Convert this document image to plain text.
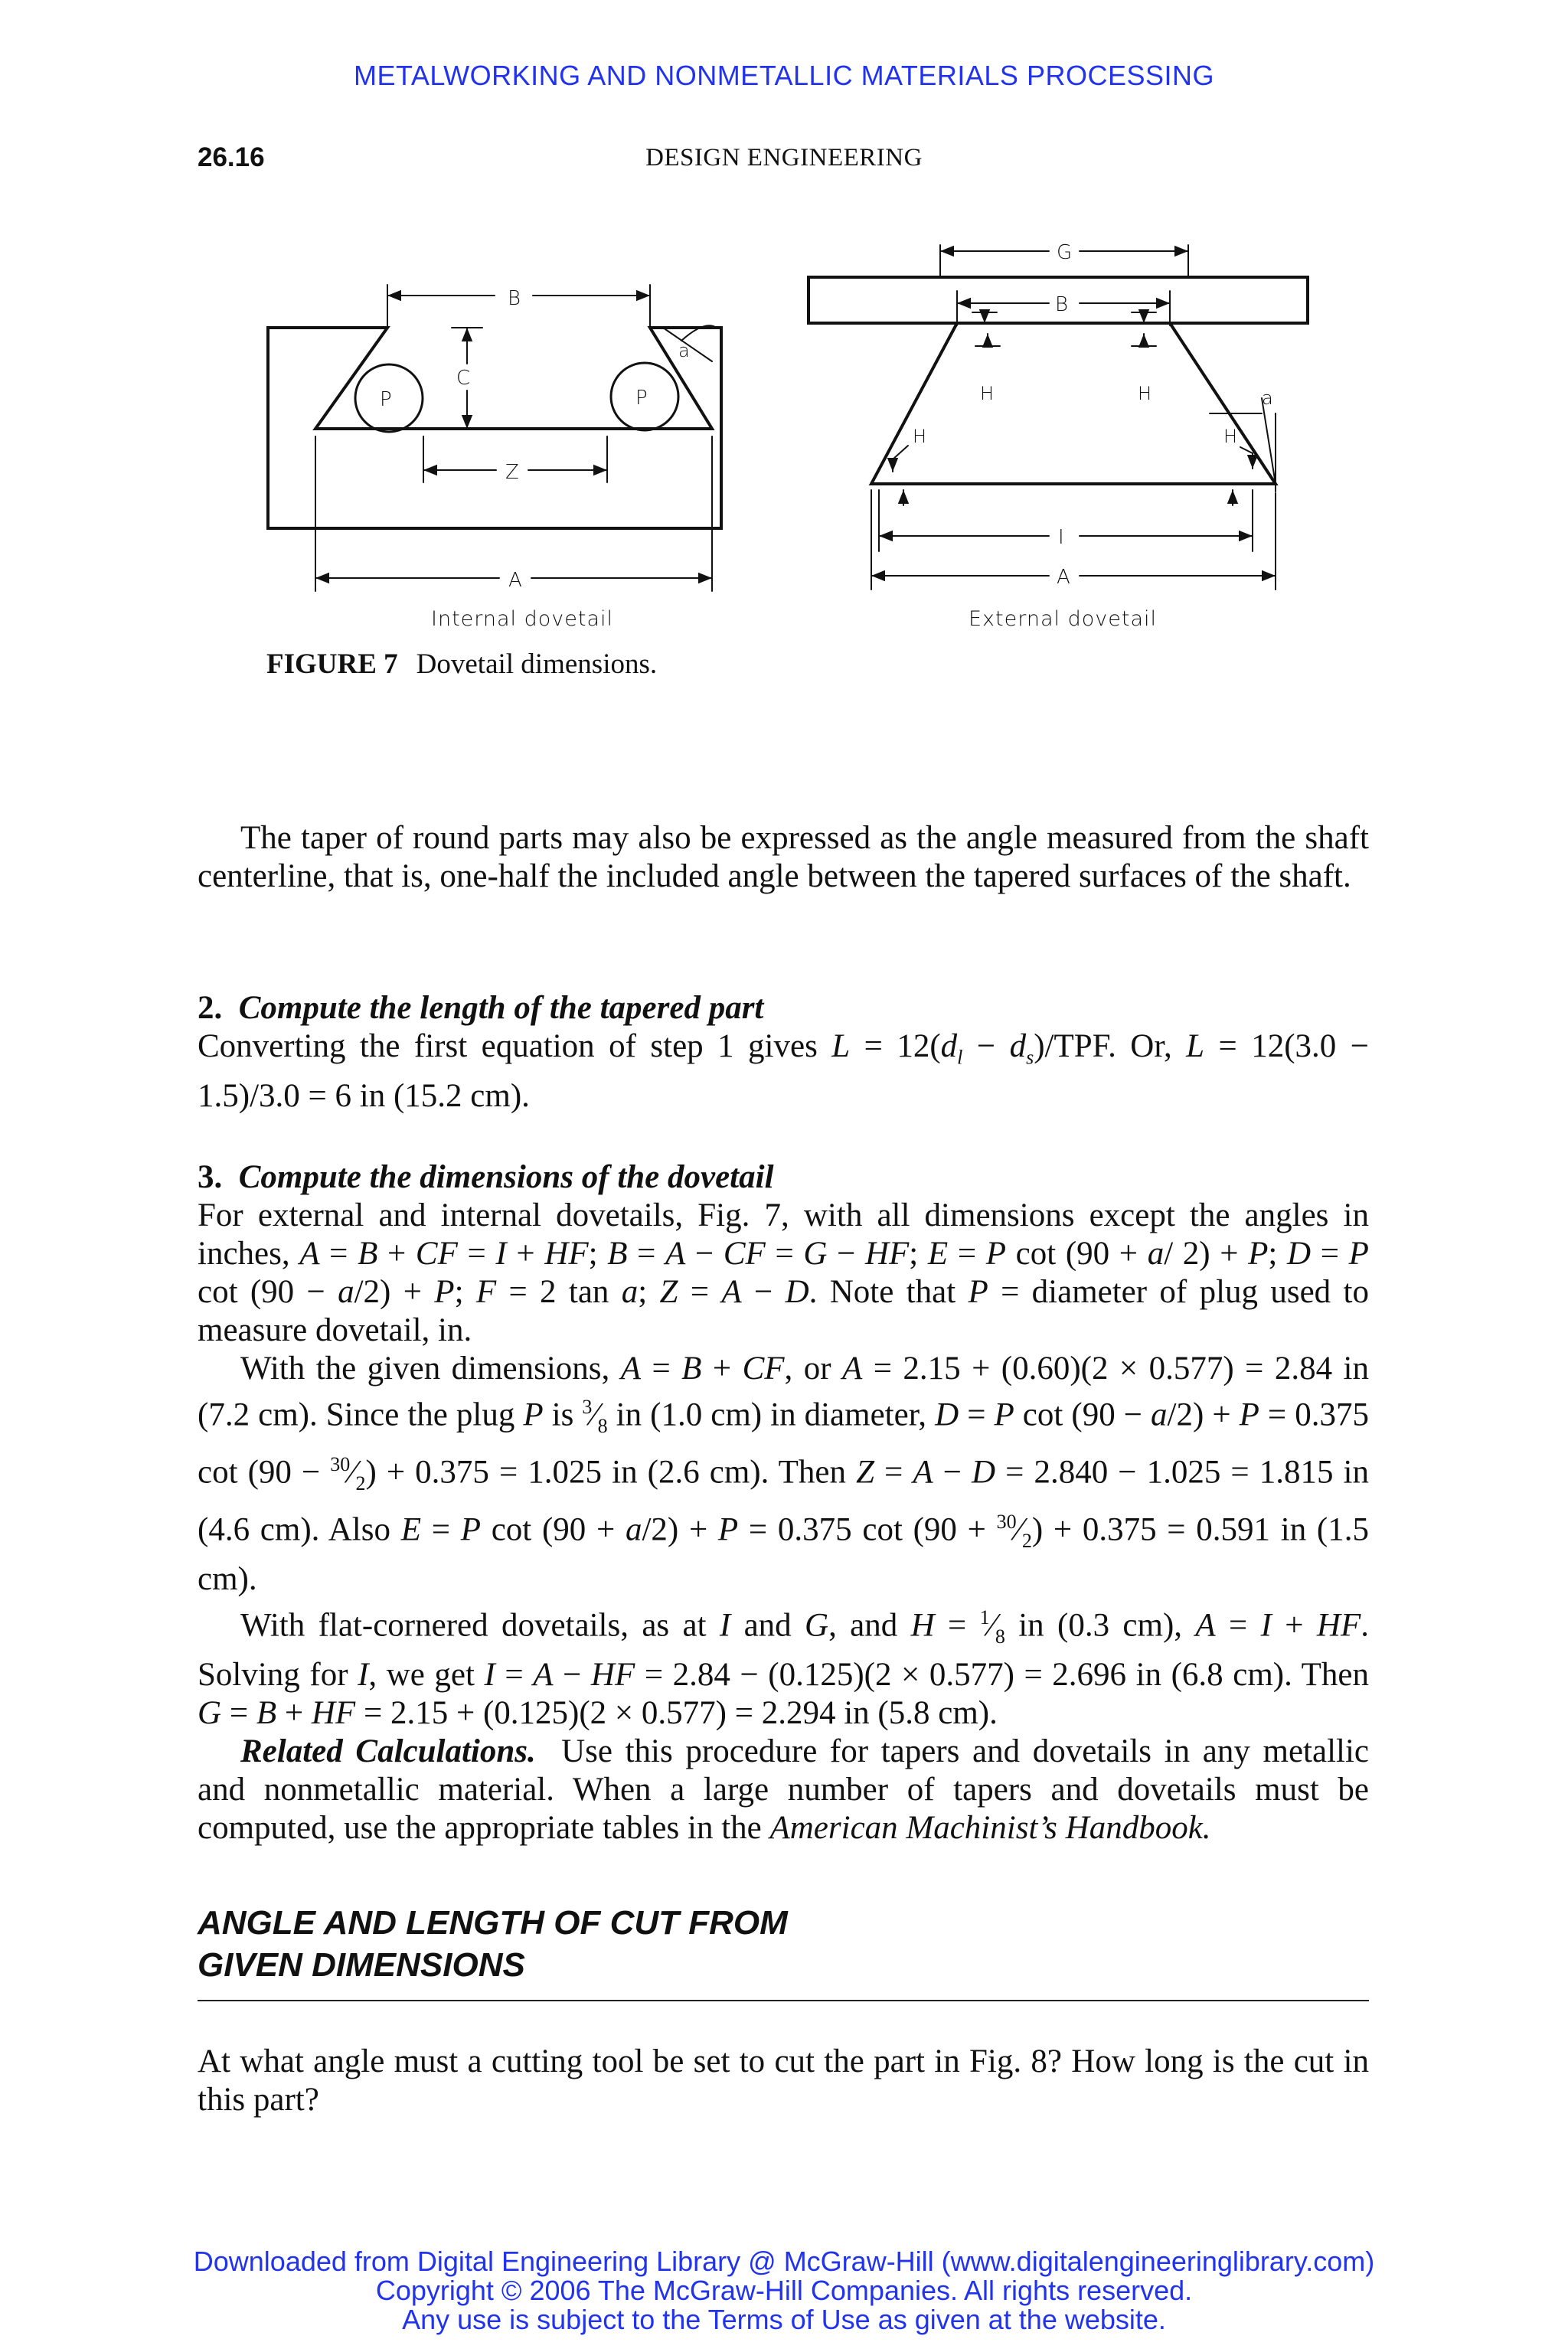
METALWORKING AND NONMETALLIC MATERIALS PROCESSING
26.16	DESIGN ENGINEERING
B
C
P	P
a
Z
A
Internal dovetail
G
B
H	H
H	H
a
I
A
External dovetail
FIGURE 7 Dovetail dimensions.

The taper of round parts may also be expressed as the angle measured from the shaft centerline, that is, one-half the included angle between the tapered surfaces of the shaft.

2. Compute the length of the tapered part

Converting the first equation of step 1 gives $L = 12(d_l - d_s)/TPF$. Or, L = 12(3.0 − 1.5)/3.0 = 6 in (15.2 cm).

3. Compute the dimensions of the dovetail

For external and internal dovetails, Fig. 7, with all dimensions except the angles in inches, A = B + CF = I + HF; B = A − CF = G − HF; E = P cot (90 + a/ 2) + P; D = P cot (90 − a/2) + P; F = 2 tan a; Z = A − D. Note that P = diameter of plug used to measure dovetail, in.

With the given dimensions, A = B + CF, or A = 2.15 + (0.60)(2 × 0.577) = 2.84 in (7.2 cm). Since the plug P is $^3⁄_8$ in (1.0 cm) in diameter, D = P cot (90 − a/2) + P = 0.375 $\cot (90 - ^{30}⁄_2) + 0.375 = 1.025$ in (2.6 cm). Then Z = A − D = 2.840 − 1.025 = 1.815 in (4.6 cm). Also E = P cot (90 + a/2) + P = 0.375 $\cot (90 + ^{30}⁄_2) + 0.375 = 0.591$ in (1.5 cm).

With flat-cornered dovetails, as at I and G, and $H = ^1⁄_8$ in (0.3 cm), A = I + HF. Solving for I, we get I = A − HF = 2.84 − (0.125)(2 × 0.577) = 2.696 in (6.8 cm). Then G = B + HF = 2.15 + (0.125)(2 × 0.577) = 2.294 in (5.8 cm).

Related Calculations. Use this procedure for tapers and dovetails in any metallic and nonmetallic material. When a large number of tapers and dovetails must be computed, use the appropriate tables in the American Machinist’s Handbook.

ANGLE AND LENGTH OF CUT FROM
GIVEN DIMENSIONS

At what angle must a cutting tool be set to cut the part in Fig. 8? How long is the cut in this part?

Downloaded from Digital Engineering Library @ McGraw-Hill (www.digitalengineeringlibrary.com)
Copyright © 2006 The McGraw-Hill Companies. All rights reserved.
Any use is subject to the Terms of Use as given at the website.
